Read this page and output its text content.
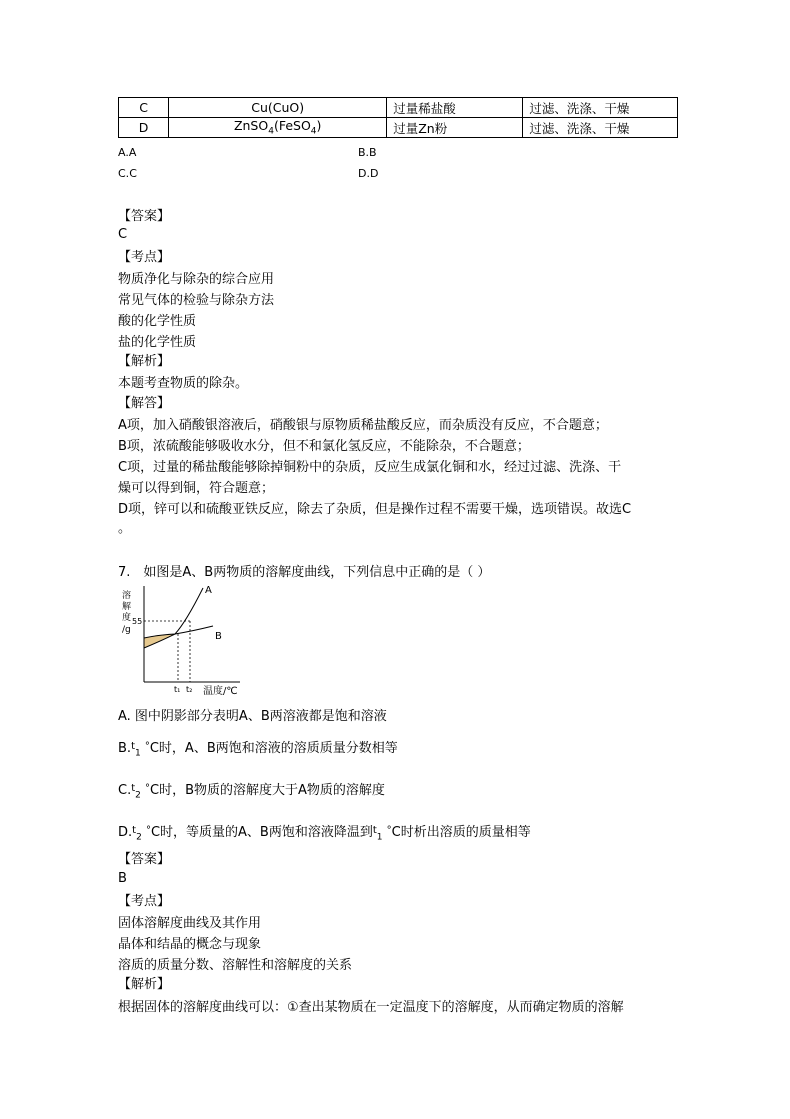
C	Cu(CuO)	过量稀盐酸	过滤、洗涤、干燥
D	ZnSO$_4$(FeSO$_4$)	过量Zn粉	过滤、洗涤、干燥
A.A	B.B
C.C	D.D
【答案】
C
【考点】
物质净化与除杂的综合应用
常见气体的检验与除杂方法
酸的化学性质
盐的化学性质
【解析】
本题考查物质的除杂。
【解答】
A项，加入硝酸银溶液后，硝酸银与原物质稀盐酸反应，而杂质没有反应，不合题意；
B项，浓硫酸能够吸收水分，但不和氯化氢反应，不能除杂，不合题意；
C项，过量的稀盐酸能够除掉铜粉中的杂质，反应生成氯化铜和水，经过过滤、洗涤、干
燥可以得到铜，符合题意；
D项，锌可以和硫酸亚铁反应，除去了杂质，但是操作过程不需要干燥，选项错误。故选C
。
7.　如图是A、B两物质的溶解度曲线，下列信息中正确的是（ ）
溶
解
度
/g
55
A
B
t₁ t₂ 温度/℃
A. 图中阴影部分表明A、B两溶液都是饱和溶液
B.$^t_1$ °C时，A、B两饱和溶液的溶质质量分数相等
C.$^t_2$ °C时，B物质的溶解度大于A物质的溶解度
D.$^t_2$ °C时，等质量的A、B两饱和溶液降温到$^t_1$ °C时析出溶质的质量相等
【答案】
B
【考点】
固体溶解度曲线及其作用
晶体和结晶的概念与现象
溶质的质量分数、溶解性和溶解度的关系
【解析】
根据固体的溶解度曲线可以：①查出某物质在一定温度下的溶解度，从而确定物质的溶解
